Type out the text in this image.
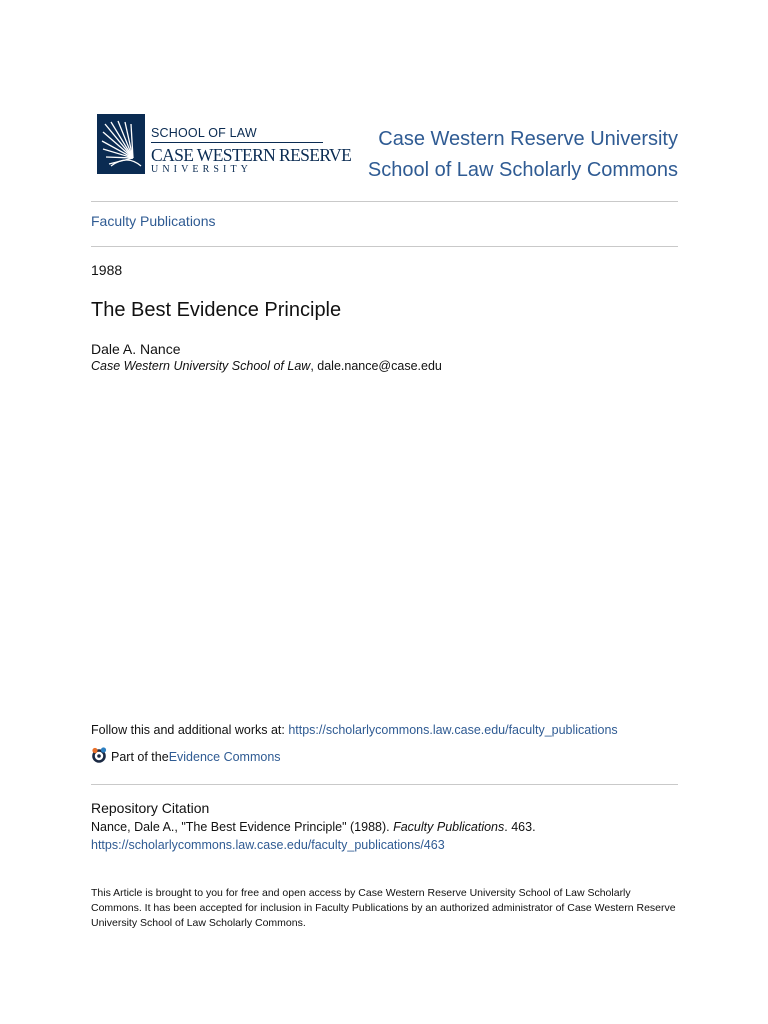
SCHOOL OF LAW
CASE WESTERN RESERVE
UNIVERSITY
Case Western Reserve University
School of Law Scholarly Commons
Faculty Publications
1988
The Best Evidence Principle
Dale A. Nance
Case Western University School of Law, dale.nance@case.edu
Follow this and additional works at: https://scholarlycommons.law.case.edu/faculty_publications
Part of the Evidence Commons
Repository Citation
Nance, Dale A., "The Best Evidence Principle" (1988). Faculty Publications. 463.
https://scholarlycommons.law.case.edu/faculty_publications/463
This Article is brought to you for free and open access by Case Western Reserve University School of Law Scholarly Commons. It has been accepted for inclusion in Faculty Publications by an authorized administrator of Case Western Reserve University School of Law Scholarly Commons.
